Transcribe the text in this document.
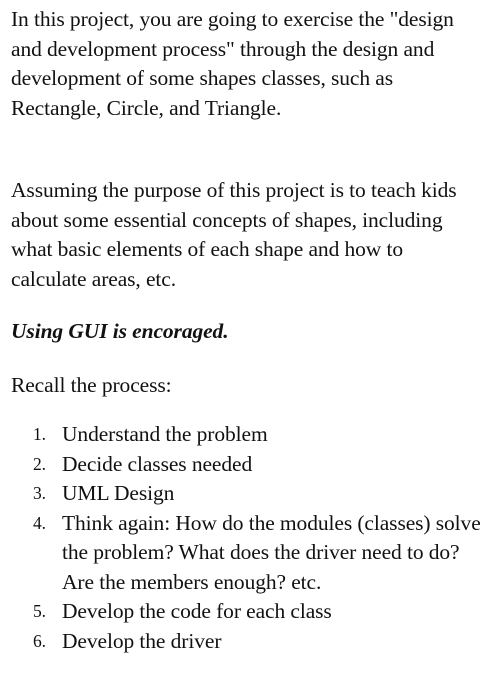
In this project, you are going to exercise the "design and development process" through the design and development of some shapes classes, such as Rectangle, Circle, and Triangle.

Assuming the purpose of this project is to teach kids about some essential concepts of shapes, including what basic elements of each shape and how to calculate areas, etc.

Using GUI is encoraged.

Recall the process:

1. Understand the problem
2. Decide classes needed
3. UML Design
4. Think again: How do the modules (classes) solve the problem? What does the driver need to do? Are the members enough? etc.
5. Develop the code for each class
6. Develop the driver
